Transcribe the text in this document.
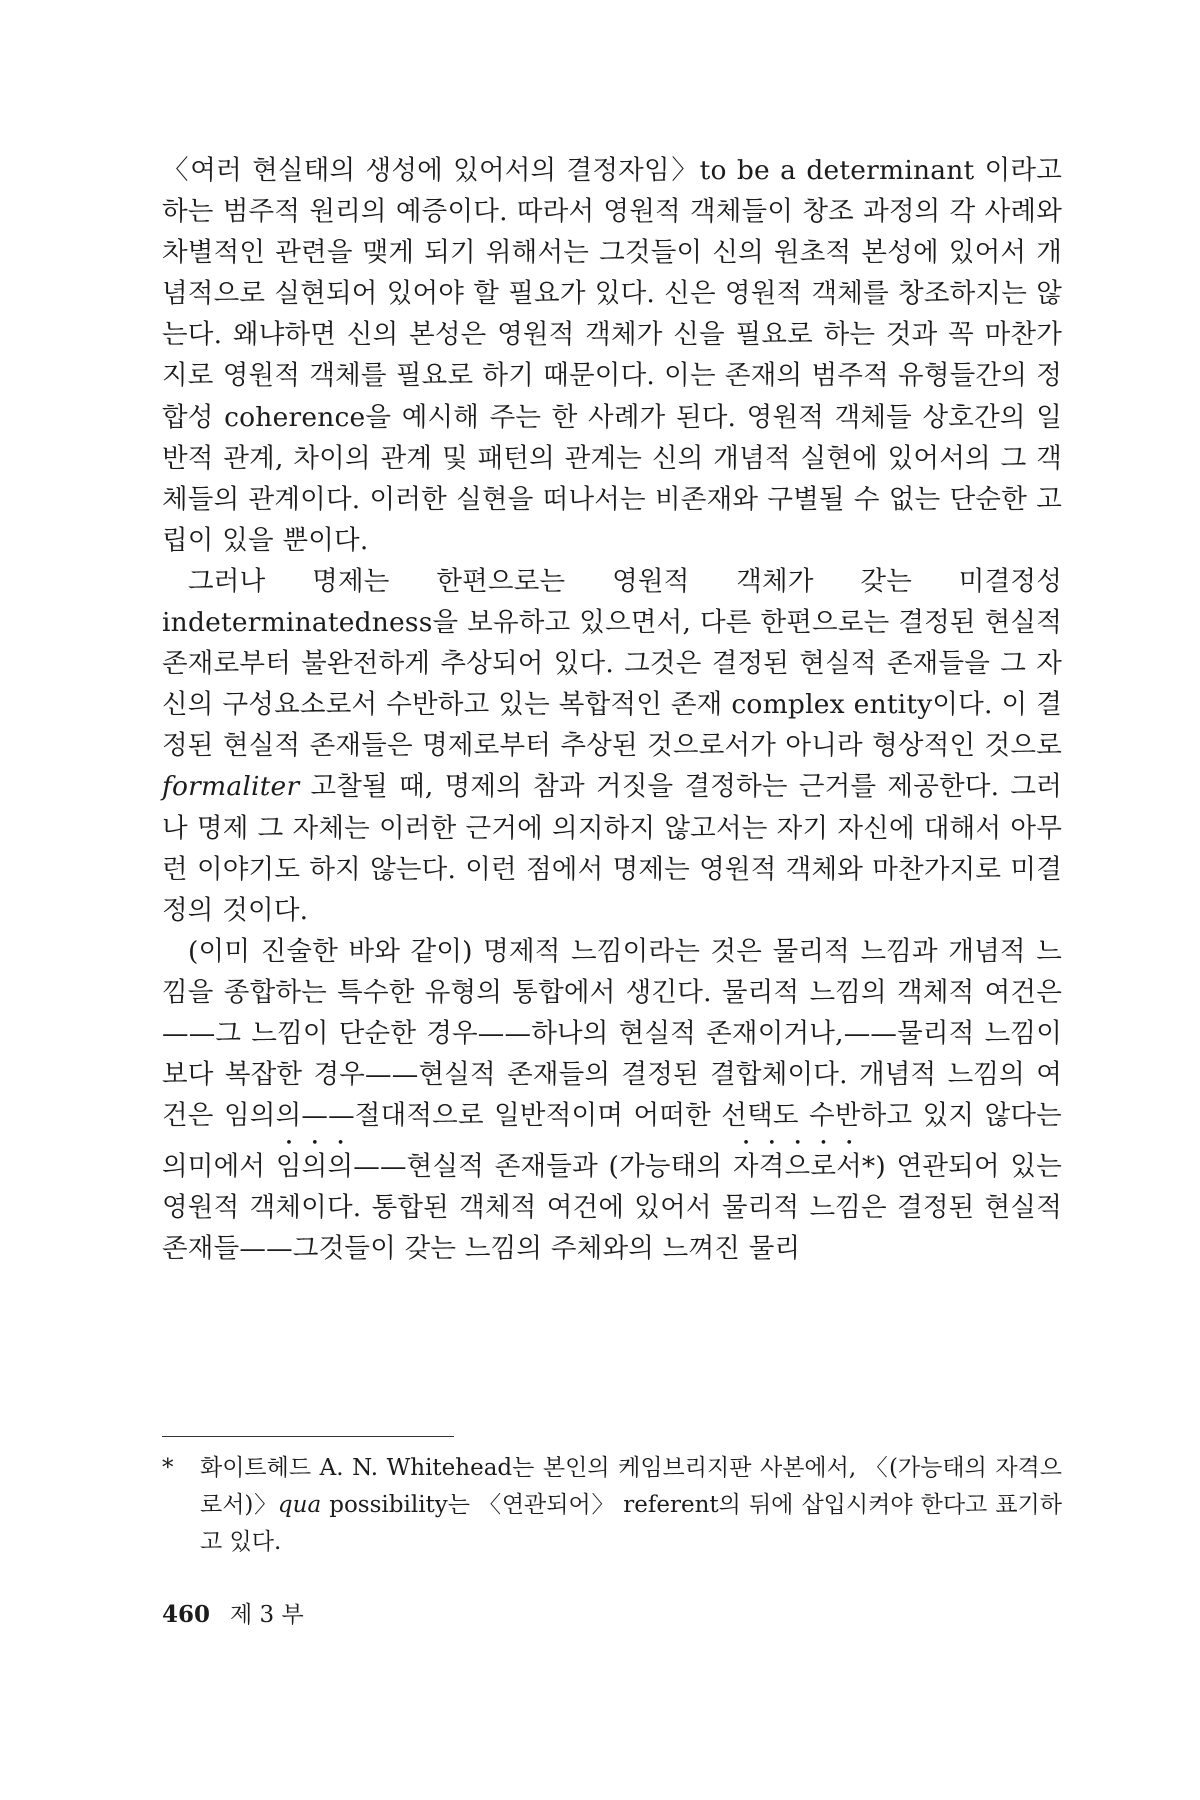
〈여러 현실태의 생성에 있어서의 결정자임〉to be a determinant 이라고 하는 범주적 원리의 예증이다. 따라서 영원적 객체들이 창조 과정의 각 사례와 차별적인 관련을 맺게 되기 위해서는 그것들이 신의 원초적 본성에 있어서 개념적으로 실현되어 있어야 할 필요가 있다. 신은 영원적 객체를 창조하지는 않는다. 왜냐하면 신의 본성은 영원적 객체가 신을 필요로 하는 것과 꼭 마찬가지로 영원적 객체를 필요로 하기 때문이다. 이는 존재의 범주적 유형들간의 정합성 coherence을 예시해 주는 한 사례가 된다. 영원적 객체들 상호간의 일반적 관계, 차이의 관계 및 패턴의 관계는 신의 개념적 실현에 있어서의 그 객체들의 관계이다. 이러한 실현을 떠나서는 비존재와 구별될 수 없는 단순한 고립이 있을 뿐이다.

그러나 명제는 한편으로는 영원적 객체가 갖는 미결정성 indeterminatedness을 보유하고 있으면서, 다른 한편으로는 결정된 현실적 존재로부터 불완전하게 추상되어 있다. 그것은 결정된 현실적 존재들을 그 자신의 구성요소로서 수반하고 있는 복합적인 존재 complex entity이다. 이 결정된 현실적 존재들은 명제로부터 추상된 것으로서가 아니라 형상적인 것으로 formaliter 고찰될 때, 명제의 참과 거짓을 결정하는 근거를 제공한다. 그러나 명제 그 자체는 이러한 근거에 의지하지 않고서는 자기 자신에 대해서 아무런 이야기도 하지 않는다. 이런 점에서 명제는 영원적 객체와 마찬가지로 미결정의 것이다.

(이미 진술한 바와 같이) 명제적 느낌이라는 것은 물리적 느낌과 개념적 느낌을 종합하는 특수한 유형의 통합에서 생긴다. 물리적 느낌의 객체적 여건은——그 느낌이 단순한 경우——하나의 현실적 존재이거나,——물리적 느낌이 보다 복잡한 경우——현실적 존재들의 결정된 결합체이다. 개념적 느낌의 여건은 임의의——절대적으로 일반적이며 어떠한 선택도 수반하고 있지 않다는 의미에서 임의의——현실적 존재들과 (가능태의 자격으로서*) 연관되어 있는 영원적 객체이다. 통합된 객체적 여건에 있어서 물리적 느낌은 결정된 현실적 존재들——그것들이 갖는 느낌의 주체와의 느껴진 물리

*	화이트헤드 A. N. Whitehead는 본인의 케임브리지판 사본에서, 〈(가능태의 자격으로서)〉qua possibility는 〈연관되어〉 referent의 뒤에 삽입시켜야 한다고 표기하고 있다.
460 제 3 부
